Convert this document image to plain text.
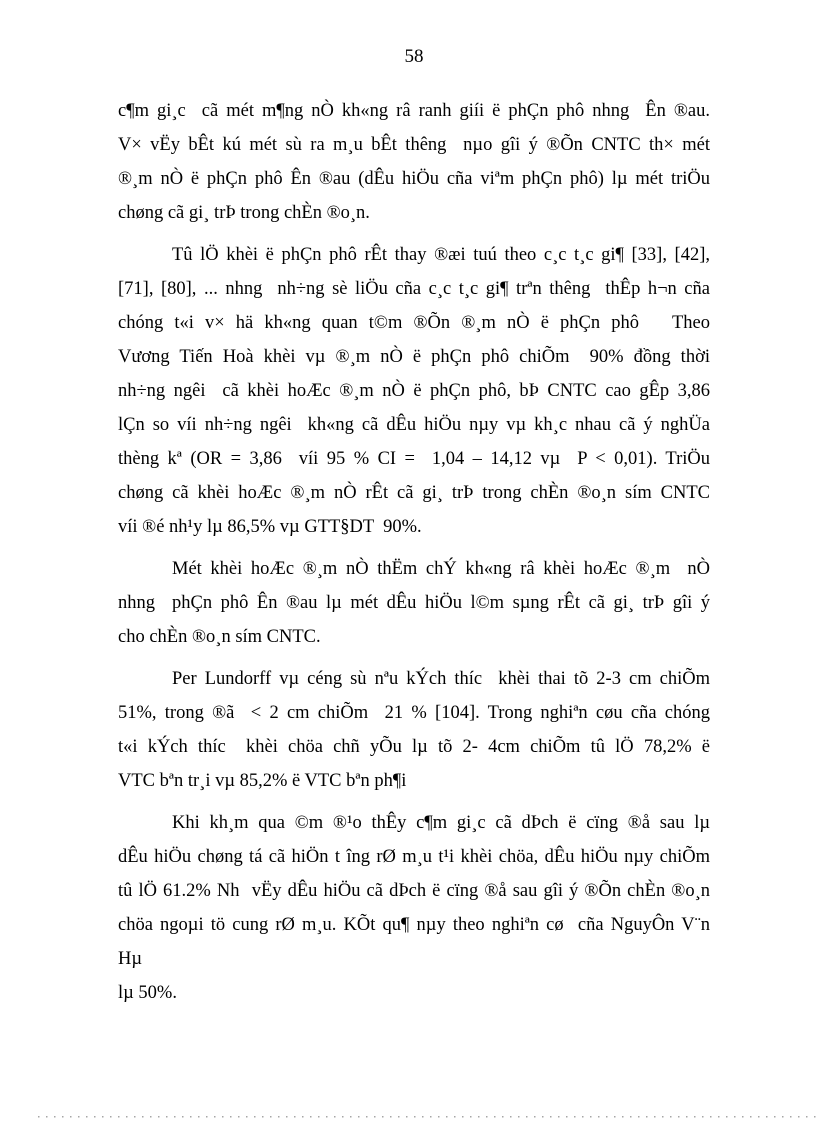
58
c¶m gi¸c  cã mét m¶ng nÒ kh«ng râ ranh giíi ë phÇn phô nhng  Ên ®au.
V× vËy bÊt kú mét sù ra m¸u bÊt thêng  nµo gîi ý ®Õn CNTC th× mét
®¸m nÒ ë phÇn phô Ên ®au (dÊu hiÖu cña viªm phÇn phô) lµ mét triÖu
chøng cã gi¸ trÞ trong chÈn ®o¸n.
Tû lÖ khèi ë phÇn phô rÊt thay ®æi tuú theo c¸c t¸c gi¶ [33], [42],
[71], [80], ... nhng  nh÷ng sè liÖu cña c¸c t¸c gi¶ trªn thêng  thÊp h¬n cña
chóng t«i v× hä kh«ng quan t©m ®Õn ®¸m nÒ ë phÇn phô   Theo
Vương Tiến Hoà khèi vµ ®¸m nÒ ë phÇn phô chiÕm  90% đồng thời
nh÷ng ngêi  cã khèi hoÆc ®¸m nÒ ë phÇn phô, bÞ CNTC cao gÊp 3,86
lÇn so víi nh÷ng ngêi  kh«ng cã dÊu hiÖu nµy vµ kh¸c nhau cã ý nghÜa
thèng kª (OR = 3,86  víi 95 % CI =  1,04 – 14,12 vµ  P < 0,01). TriÖu
chøng cã khèi hoÆc ®¸m nÒ rÊt cã gi¸ trÞ trong chÈn ®o¸n sím CNTC
víi ®é nh¹y lµ 86,5% vµ GTT§DT  90%.
Mét khèi hoÆc ®¸m nÒ thËm chÝ kh«ng râ khèi hoÆc ®¸m  nÒ
nhng  phÇn phô Ên ®au lµ mét dÊu hiÖu l©m sµng rÊt cã gi¸ trÞ gîi ý
cho chÈn ®o¸n sím CNTC.
Per Lundorff vµ céng sù nªu kÝch thíc  khèi thai tõ 2-3 cm chiÕm
51%, trong ®ã  < 2 cm chiÕm  21 % [104]. Trong nghiªn cøu cña chóng
t«i kÝch thíc  khèi chöa chñ yÕu lµ tõ 2- 4cm chiÕm tû lÖ 78,2% ë
VTC bªn tr¸i vµ 85,2% ë VTC bªn ph¶i
Khi kh¸m qua ©m ®¹o thÊy c¶m gi¸c cã dÞch ë cïng ®å sau lµ
dÊu hiÖu chøng tá cã hiÖn t îng rØ m¸u t¹i khèi chöa, dÊu hiÖu nµy chiÕm
tû lÖ 61.2% Nh  vËy dÊu hiÖu cã dÞch ë cïng ®å sau gîi ý ®Õn chÈn ®o¸n
chöa ngoµi tö cung rØ m¸u. KÕt qu¶ nµy theo nghiªn cø  cña NguyÔn V¨n
Hµ
lµ 50%.
